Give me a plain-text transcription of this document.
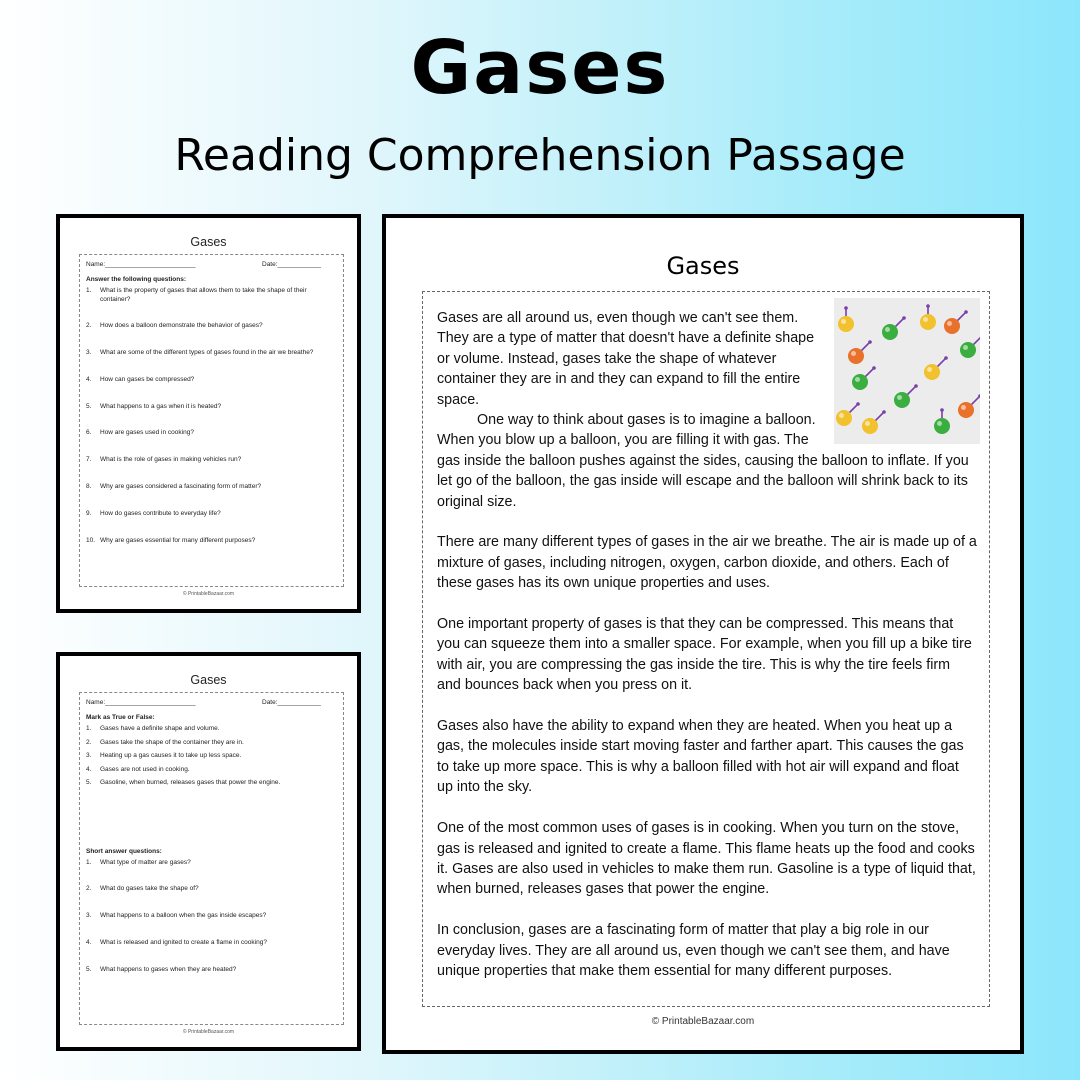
Gases
Reading Comprehension Passage
Gases
Name:_________________________	Date:____________
Answer the following questions:
1. What is the property of gases that allows them to take the shape of their container?
2. How does a balloon demonstrate the behavior of gases?
3. What are some of the different types of gases found in the air we breathe?
4. How can gases be compressed?
5. What happens to a gas when it is heated?
6. How are gases used in cooking?
7. What is the role of gases in making vehicles run?
8. Why are gases considered a fascinating form of matter?
9. How do gases contribute to everyday life?
10. Why are gases essential for many different purposes?
© PrintableBazaar.com
Gases
Name:_________________________	Date:____________
Mark as True or False:
1. Gases have a definite shape and volume.
2. Gases take the shape of the container they are in.
3. Heating up a gas causes it to take up less space.
4. Gases are not used in cooking.
5. Gasoline, when burned, releases gases that power the engine.
Short answer questions:
1. What type of matter are gases?
2. What do gases take the shape of?
3. What happens to a balloon when the gas inside escapes?
4. What is released and ignited to create a flame in cooking?
5. What happens to gases when they are heated?
© PrintableBazaar.com
Gases

Gases are all around us, even though we can't see them. They are a type of matter that doesn't have a definite shape or volume. Instead, gases take the shape of whatever container they are in and they can expand to fill the entire space.

One way to think about gases is to imagine a balloon. When you blow up a balloon, you are filling it with gas. The gas inside the balloon pushes against the sides, causing the balloon to inflate. If you let go of the balloon, the gas inside will escape and the balloon will shrink back to its original size.

There are many different types of gases in the air we breathe. The air is made up of a mixture of gases, including nitrogen, oxygen, carbon dioxide, and others. Each of these gases has its own unique properties and uses.

One important property of gases is that they can be compressed. This means that you can squeeze them into a smaller space. For example, when you fill up a bike tire with air, you are compressing the gas inside the tire. This is why the tire feels firm and bounces back when you press on it.

Gases also have the ability to expand when they are heated. When you heat up a gas, the molecules inside start moving faster and farther apart. This causes the gas to take up more space. This is why a balloon filled with hot air will expand and float up into the sky.

One of the most common uses of gases is in cooking. When you turn on the stove, gas is released and ignited to create a flame. This flame heats up the food and cooks it. Gases are also used in vehicles to make them run. Gasoline is a type of liquid that, when burned, releases gases that power the engine.

In conclusion, gases are a fascinating form of matter that play a big role in our everyday lives. They are all around us, even though we can't see them, and have unique properties that make them essential for many different purposes.

© PrintableBazaar.com
